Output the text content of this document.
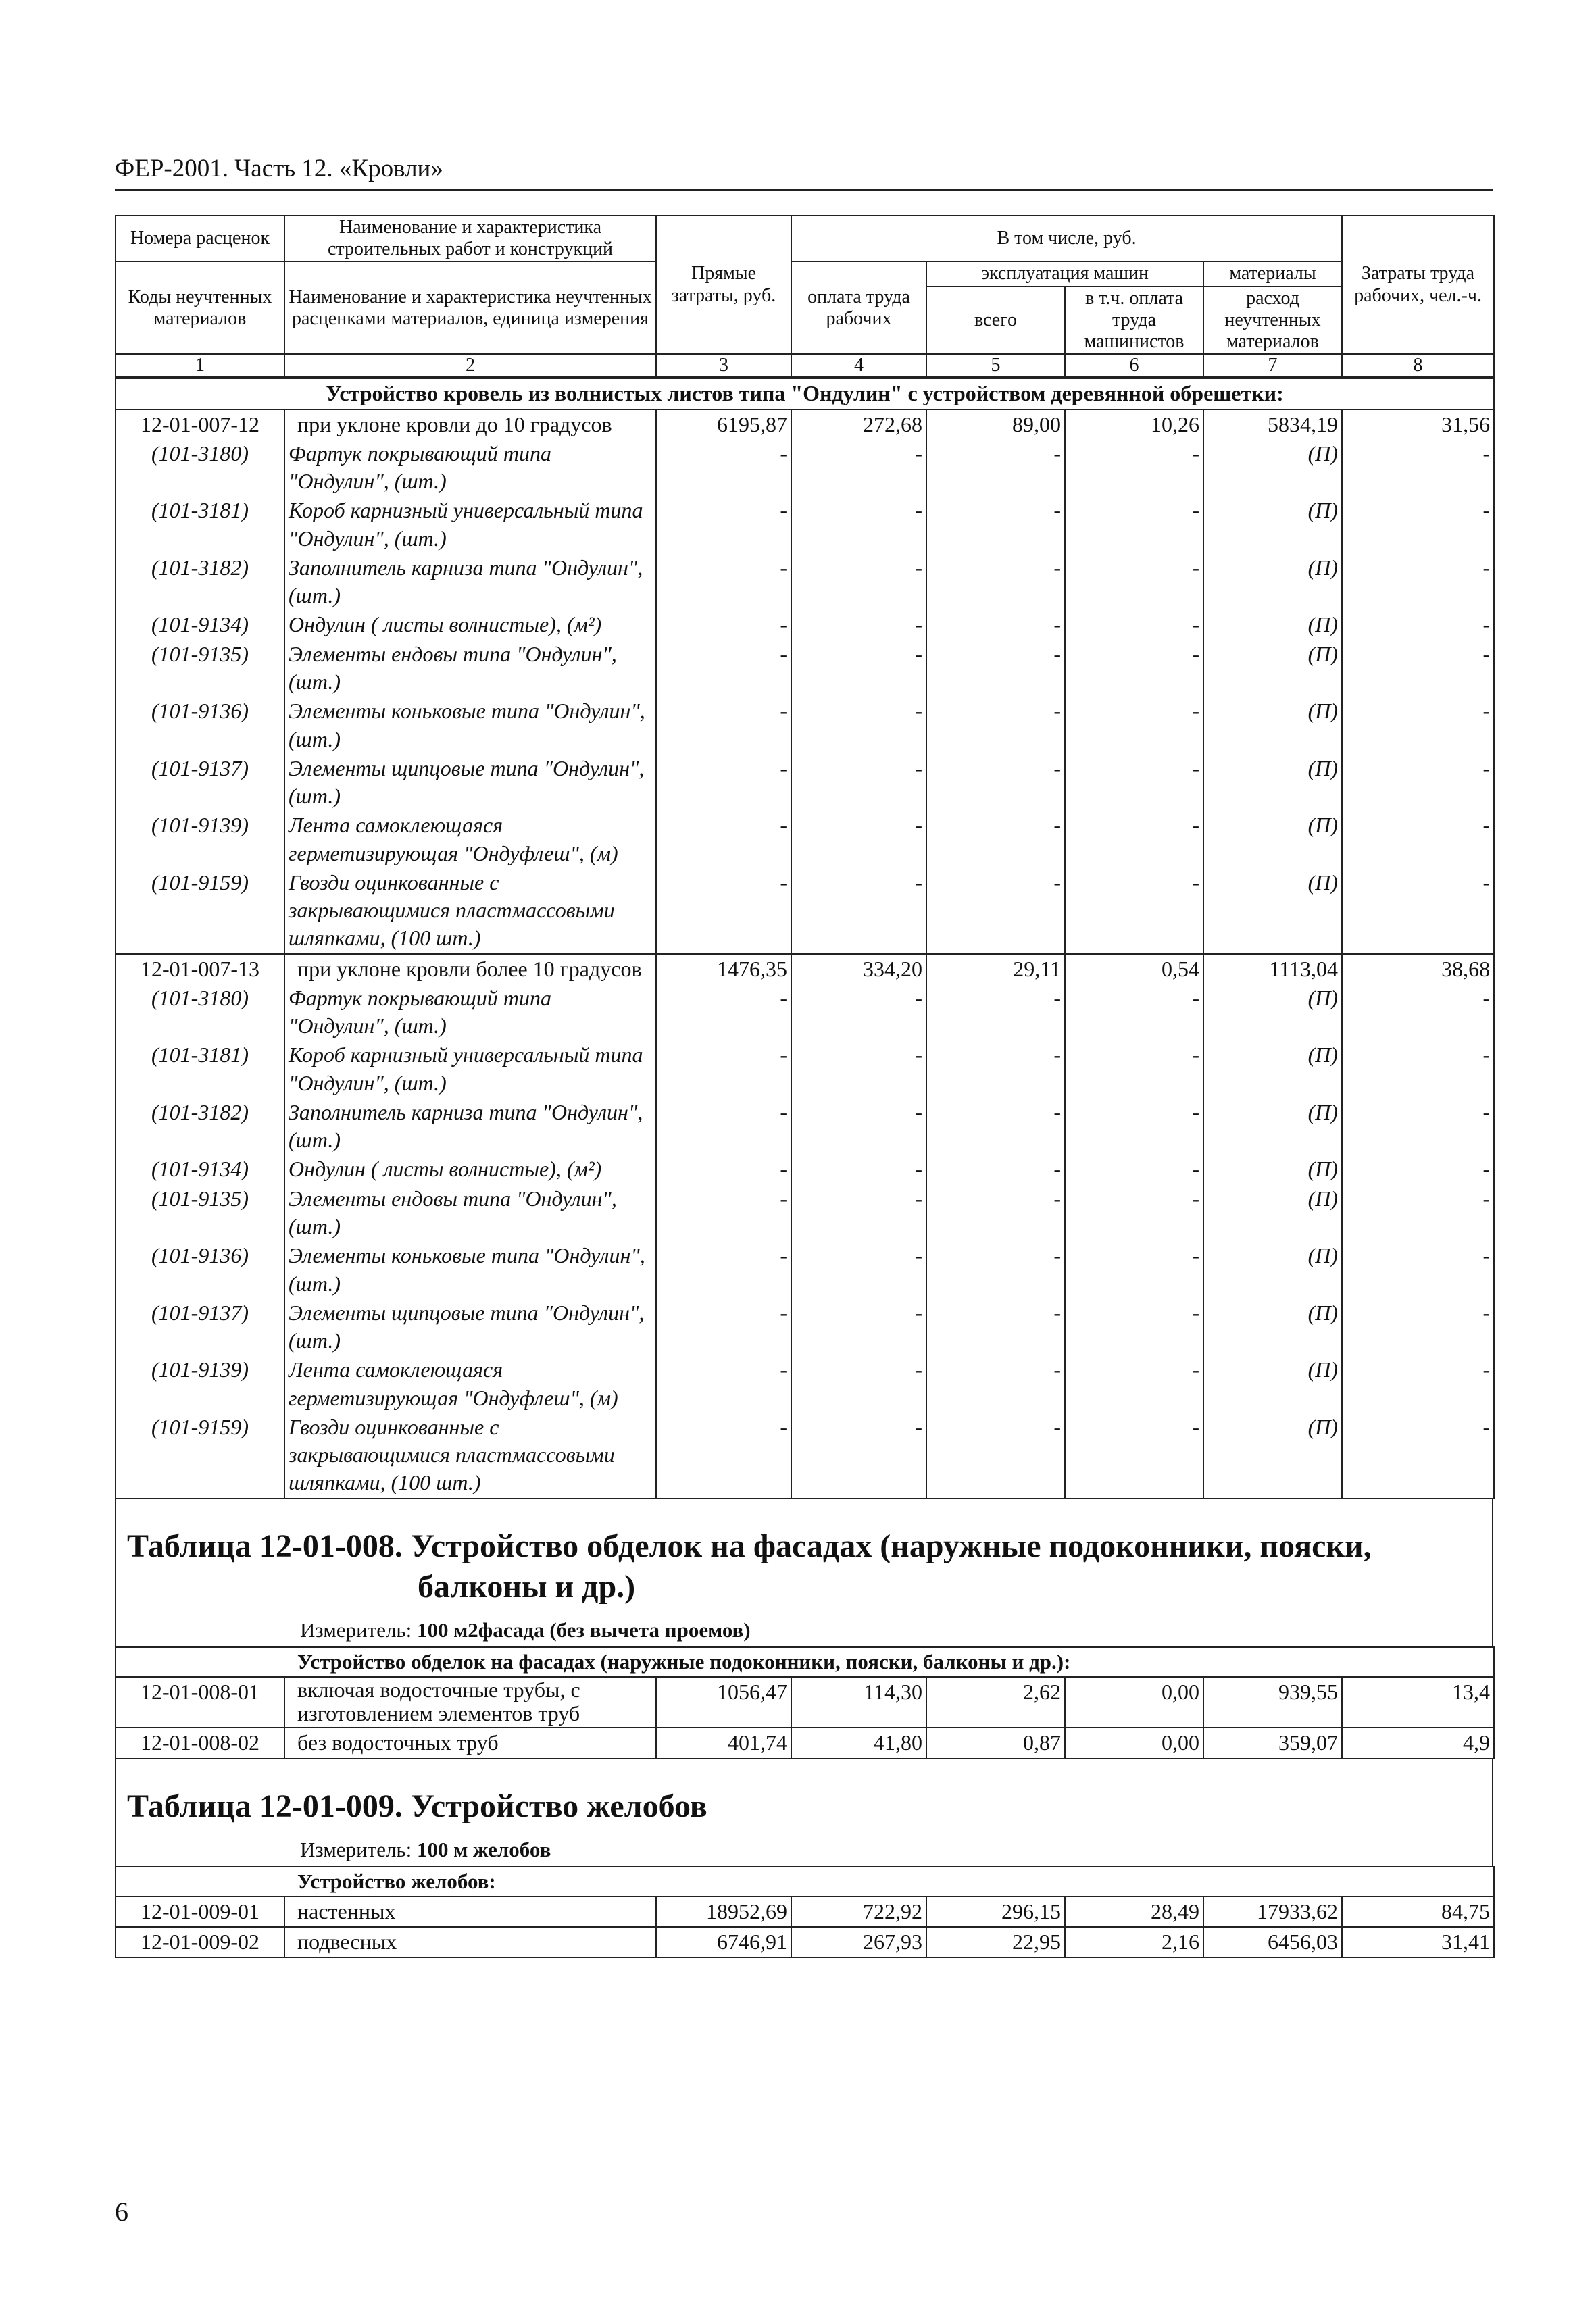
ФЕР-2001. Часть 12. «Кровли»
Номера расценок	Наименование и характеристика строительных работ и конструкций	Прямые затраты, руб.	В том числе, руб.				Затраты труда рабочих, чел.-ч.
Коды неучтенных материалов	Наименование и характеристика неучтенных расценками материалов, единица измерения		оплата труда рабочих	эксплуатация машин		материалы	
				всего	в т.ч. оплата труда машинистов	расход неучтенных материалов	
1	2	3	4	5	6	7	8
Устройство кровель из волнистых листов типа "Ондулин" с устройством деревянной обрешетки:							
12-01-007-12	при уклоне кровли до 10 градусов	6195,87	272,68	89,00	10,26	5834,19	31,56
(101-3180)	Фартук покрывающий типа "Ондулин", (шт.)	-	-	-	-	(П)	-
(101-3181)	Короб карнизный универсальный типа "Ондулин", (шт.)	-	-	-	-	(П)	-
(101-3182)	Заполнитель карниза типа "Ондулин", (шт.)	-	-	-	-	(П)	-
(101-9134)	Ондулин ( листы волнистые), (м²)	-	-	-	-	(П)	-
(101-9135)	Элементы ендовы типа "Ондулин", (шт.)	-	-	-	-	(П)	-
(101-9136)	Элементы коньковые типа "Ондулин", (шт.)	-	-	-	-	(П)	-
(101-9137)	Элементы щипцовые типа "Ондулин", (шт.)	-	-	-	-	(П)	-
(101-9139)	Лента самоклеющаяся герметизирующая "Ондуфлеш", (м)	-	-	-	-	(П)	-
(101-9159)	Гвозди оцинкованные с закрывающимися пластмассовыми шляпками, (100 шт.)	-	-	-	-	(П)	-
12-01-007-13	при уклоне кровли более 10 градусов	1476,35	334,20	29,11	0,54	1113,04	38,68
(101-3180)	Фартук покрывающий типа "Ондулин", (шт.)	-	-	-	-	(П)	-
(101-3181)	Короб карнизный универсальный типа "Ондулин", (шт.)	-	-	-	-	(П)	-
(101-3182)	Заполнитель карниза типа "Ондулин", (шт.)	-	-	-	-	(П)	-
(101-9134)	Ондулин ( листы волнистые), (м²)	-	-	-	-	(П)	-
(101-9135)	Элементы ендовы типа "Ондулин", (шт.)	-	-	-	-	(П)	-
(101-9136)	Элементы коньковые типа "Ондулин", (шт.)	-	-	-	-	(П)	-
(101-9137)	Элементы щипцовые типа "Ондулин", (шт.)	-	-	-	-	(П)	-
(101-9139)	Лента самоклеющаяся герметизирующая "Ондуфлеш", (м)	-	-	-	-	(П)	-
(101-9159)	Гвозди оцинкованные с закрывающимися пластмассовыми шляпками, (100 шт.)	-	-	-	-	(П)	-
Таблица 12-01-008. Устройство обделок на фасадах (наружные подоконники, пояски,
балконы и др.)
Измеритель: 100 м2фасада (без вычета проемов)
Устройство обделок на фасадах (наружные подоконники, пояски, балконы и др.):							
12-01-008-01	включая водосточные трубы, с изготовлением элементов труб	1056,47	114,30	2,62	0,00	939,55	13,4
12-01-008-02	без водосточных труб	401,74	41,80	0,87	0,00	359,07	4,9
Таблица 12-01-009. Устройство желобов
Измеритель: 100 м желобов
Устройство желобов:							
12-01-009-01	настенных	18952,69	722,92	296,15	28,49	17933,62	84,75
12-01-009-02	подвесных	6746,91	267,93	22,95	2,16	6456,03	31,41
6
